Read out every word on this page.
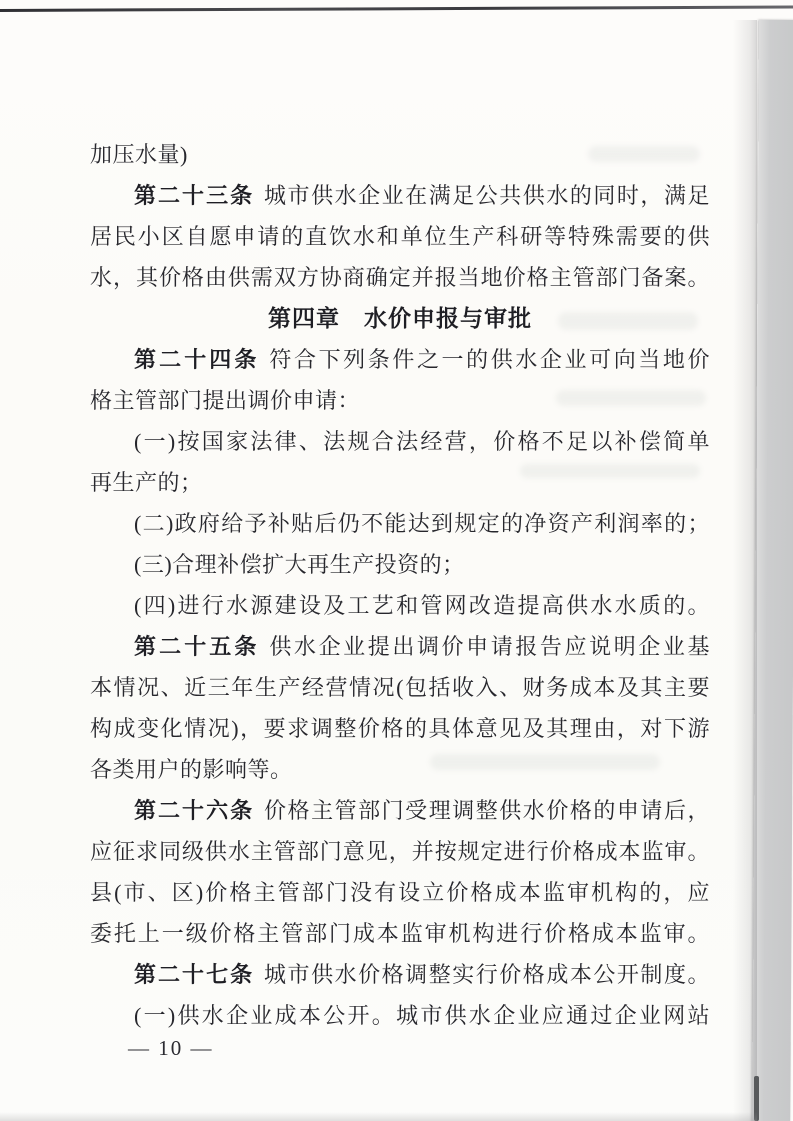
加压水量)
第二十三条 城市供水企业在满足公共供水的同时，满足
居民小区自愿申请的直饮水和单位生产科研等特殊需要的供
水，其价格由供需双方协商确定并报当地价格主管部门备案。
第四章　水价申报与审批
第二十四条 符合下列条件之一的供水企业可向当地价
格主管部门提出调价申请：
(一)按国家法律、法规合法经营，价格不足以补偿简单
再生产的；
(二)政府给予补贴后仍不能达到规定的净资产利润率的；
(三)合理补偿扩大再生产投资的；
(四)进行水源建设及工艺和管网改造提高供水水质的。
第二十五条 供水企业提出调价申请报告应说明企业基
本情况、近三年生产经营情况(包括收入、财务成本及其主要
构成变化情况)，要求调整价格的具体意见及其理由，对下游
各类用户的影响等。
第二十六条 价格主管部门受理调整供水价格的申请后，
应征求同级供水主管部门意见，并按规定进行价格成本监审。
县(市、区)价格主管部门没有设立价格成本监审机构的，应
委托上一级价格主管部门成本监审机构进行价格成本监审。
第二十七条 城市供水价格调整实行价格成本公开制度。
(一)供水企业成本公开。城市供水企业应通过企业网站
— 10 —
